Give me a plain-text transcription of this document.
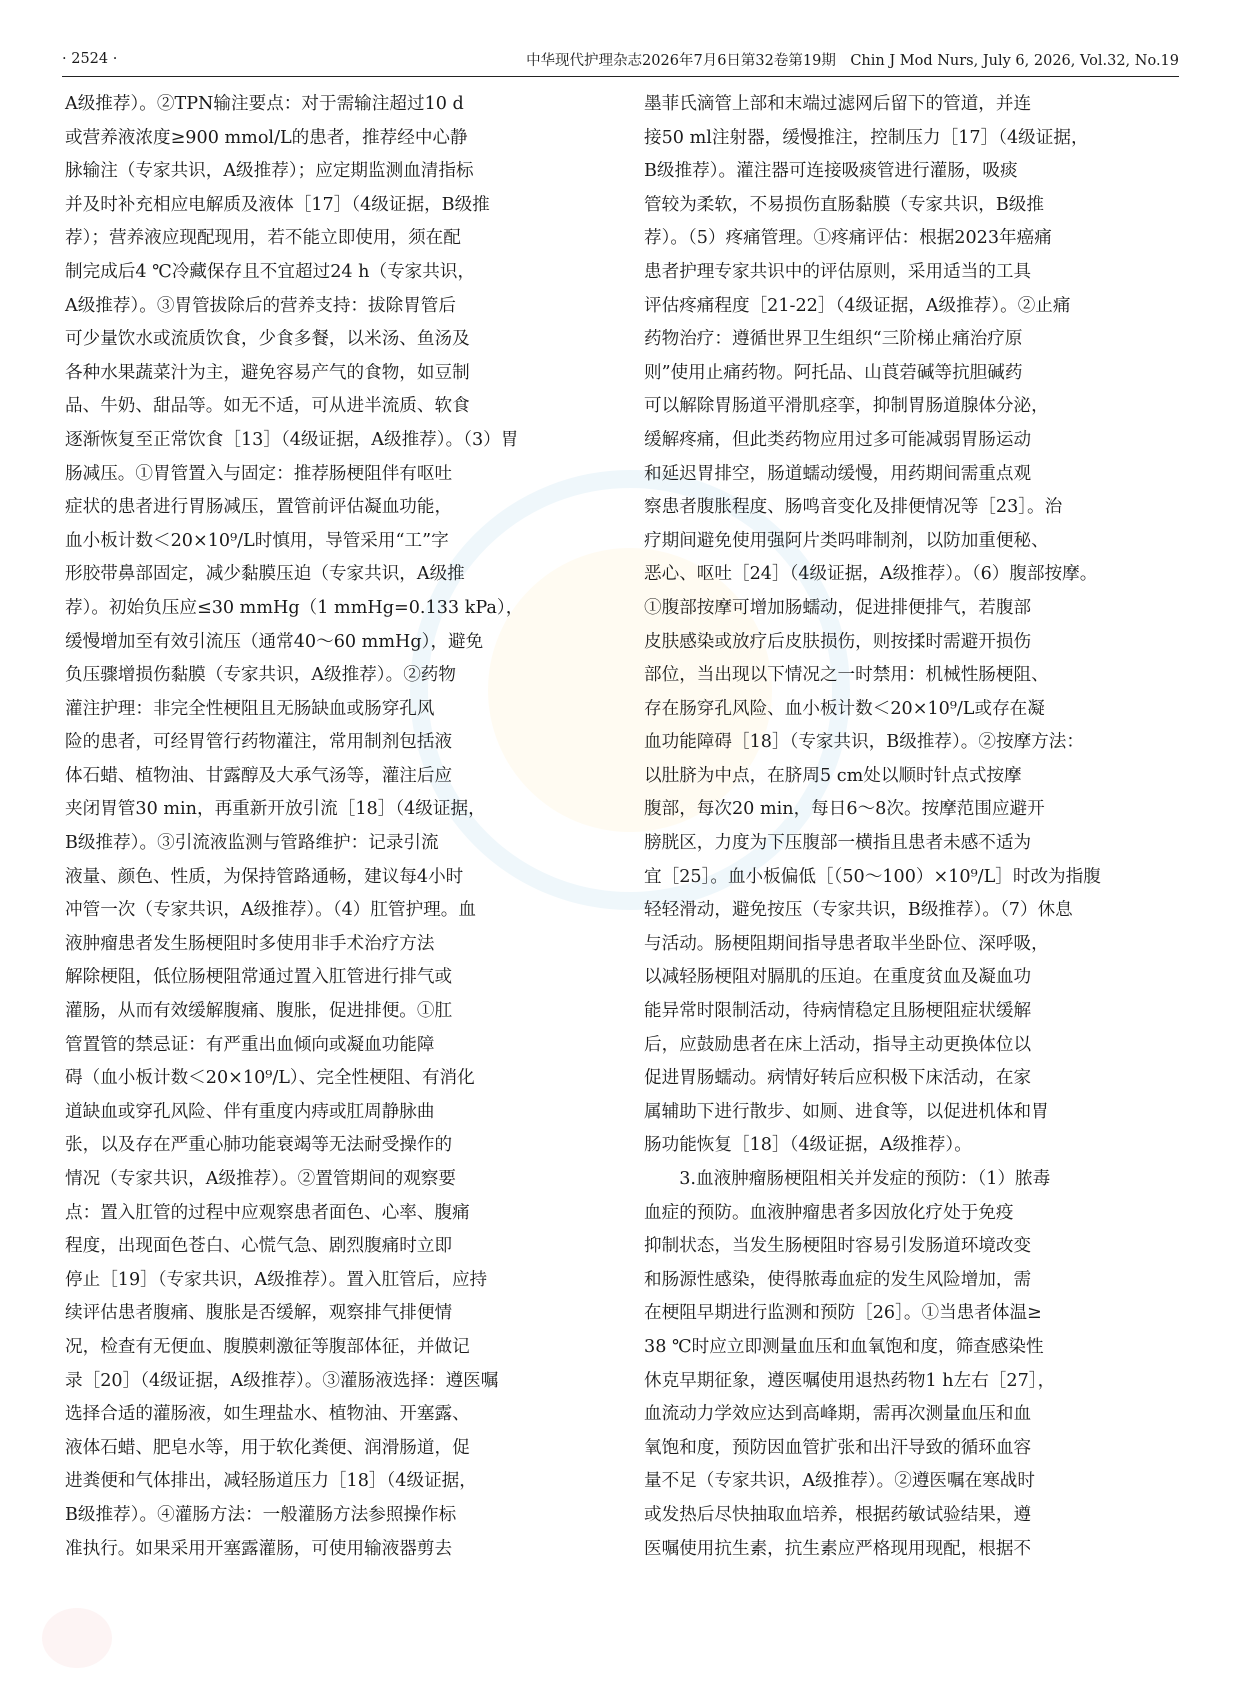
· 2524 ·	中华现代护理杂志2026年7月6日第32卷第19期　Chin J Mod Nurs, July 6, 2026, Vol.32, No.19
A级推荐）。②TPN输注要点：对于需输注超过10 d
或营养液浓度≥900 mmol/L的患者，推荐经中心静
脉输注（专家共识，A级推荐）；应定期监测血清指标
并及时补充相应电解质及液体［17］（4级证据，B级推
荐）；营养液应现配现用，若不能立即使用，须在配
制完成后4 ℃冷藏保存且不宜超过24 h（专家共识，
A级推荐）。③胃管拔除后的营养支持：拔除胃管后
可少量饮水或流质饮食，少食多餐，以米汤、鱼汤及
各种水果蔬菜汁为主，避免容易产气的食物，如豆制
品、牛奶、甜品等。如无不适，可从进半流质、软食
逐渐恢复至正常饮食［13］（4级证据，A级推荐）。（3）胃
肠减压。①胃管置入与固定：推荐肠梗阻伴有呕吐
症状的患者进行胃肠减压，置管前评估凝血功能，
血小板计数＜20×10⁹/L时慎用，导管采用“工”字
形胶带鼻部固定，减少黏膜压迫（专家共识，A级推
荐）。初始负压应≤30 mmHg（1 mmHg=0.133 kPa），
缓慢增加至有效引流压（通常40～60 mmHg），避免
负压骤增损伤黏膜（专家共识，A级推荐）。②药物
灌注护理：非完全性梗阻且无肠缺血或肠穿孔风
险的患者，可经胃管行药物灌注，常用制剂包括液
体石蜡、植物油、甘露醇及大承气汤等，灌注后应
夹闭胃管30 min，再重新开放引流［18］（4级证据，
B级推荐）。③引流液监测与管路维护：记录引流
液量、颜色、性质，为保持管路通畅，建议每4小时
冲管一次（专家共识，A级推荐）。（4）肛管护理。血
液肿瘤患者发生肠梗阻时多使用非手术治疗方法
解除梗阻，低位肠梗阻常通过置入肛管进行排气或
灌肠，从而有效缓解腹痛、腹胀，促进排便。①肛
管置管的禁忌证：有严重出血倾向或凝血功能障
碍（血小板计数＜20×10⁹/L）、完全性梗阻、有消化
道缺血或穿孔风险、伴有重度内痔或肛周静脉曲
张，以及存在严重心肺功能衰竭等无法耐受操作的
情况（专家共识，A级推荐）。②置管期间的观察要
点：置入肛管的过程中应观察患者面色、心率、腹痛
程度，出现面色苍白、心慌气急、剧烈腹痛时立即
停止［19］（专家共识，A级推荐）。置入肛管后，应持
续评估患者腹痛、腹胀是否缓解，观察排气排便情
况，检查有无便血、腹膜刺激征等腹部体征，并做记
录［20］（4级证据，A级推荐）。③灌肠液选择：遵医嘱
选择合适的灌肠液，如生理盐水、植物油、开塞露、
液体石蜡、肥皂水等，用于软化粪便、润滑肠道，促
进粪便和气体排出，减轻肠道压力［18］（4级证据，
B级推荐）。④灌肠方法：一般灌肠方法参照操作标
准执行。如果采用开塞露灌肠，可使用输液器剪去
墨菲氏滴管上部和末端过滤网后留下的管道，并连
接50 ml注射器，缓慢推注，控制压力［17］（4级证据，
B级推荐）。灌注器可连接吸痰管进行灌肠，吸痰
管较为柔软，不易损伤直肠黏膜（专家共识，B级推
荐）。（5）疼痛管理。①疼痛评估：根据2023年癌痛
患者护理专家共识中的评估原则，采用适当的工具
评估疼痛程度［21-22］（4级证据，A级推荐）。②止痛
药物治疗：遵循世界卫生组织“三阶梯止痛治疗原
则”使用止痛药物。阿托品、山莨菪碱等抗胆碱药
可以解除胃肠道平滑肌痉挛，抑制胃肠道腺体分泌，
缓解疼痛，但此类药物应用过多可能减弱胃肠运动
和延迟胃排空，肠道蠕动缓慢，用药期间需重点观
察患者腹胀程度、肠鸣音变化及排便情况等［23］。治
疗期间避免使用强阿片类吗啡制剂，以防加重便秘、
恶心、呕吐［24］（4级证据，A级推荐）。（6）腹部按摩。
①腹部按摩可增加肠蠕动，促进排便排气，若腹部
皮肤感染或放疗后皮肤损伤，则按揉时需避开损伤
部位，当出现以下情况之一时禁用：机械性肠梗阻、
存在肠穿孔风险、血小板计数＜20×10⁹/L或存在凝
血功能障碍［18］（专家共识，B级推荐）。②按摩方法：
以肚脐为中点，在脐周5 cm处以顺时针点式按摩
腹部，每次20 min，每日6～8次。按摩范围应避开
膀胱区，力度为下压腹部一横指且患者未感不适为
宜［25］。血小板偏低［（50～100）×10⁹/L］时改为指腹
轻轻滑动，避免按压（专家共识，B级推荐）。（7）休息
与活动。肠梗阻期间指导患者取半坐卧位、深呼吸，
以减轻肠梗阻对膈肌的压迫。在重度贫血及凝血功
能异常时限制活动，待病情稳定且肠梗阻症状缓解
后，应鼓励患者在床上活动，指导主动更换体位以
促进胃肠蠕动。病情好转后应积极下床活动，在家
属辅助下进行散步、如厕、进食等，以促进机体和胃
肠功能恢复［18］（4级证据，A级推荐）。
　　3.血液肿瘤肠梗阻相关并发症的预防：（1）脓毒
血症的预防。血液肿瘤患者多因放化疗处于免疫
抑制状态，当发生肠梗阻时容易引发肠道环境改变
和肠源性感染，使得脓毒血症的发生风险增加，需
在梗阻早期进行监测和预防［26］。①当患者体温≥
38 ℃时应立即测量血压和血氧饱和度，筛查感染性
休克早期征象，遵医嘱使用退热药物1 h左右［27］，
血流动力学效应达到高峰期，需再次测量血压和血
氧饱和度，预防因血管扩张和出汗导致的循环血容
量不足（专家共识，A级推荐）。②遵医嘱在寒战时
或发热后尽快抽取血培养，根据药敏试验结果，遵
医嘱使用抗生素，抗生素应严格现用现配，根据不
